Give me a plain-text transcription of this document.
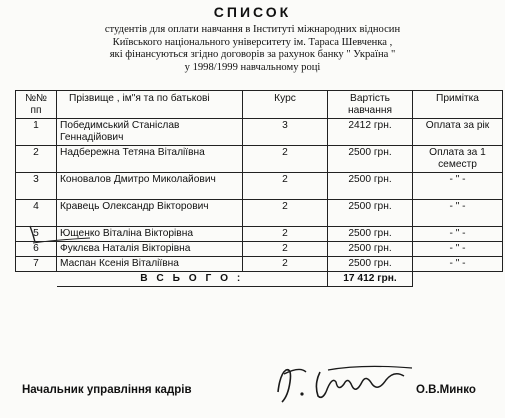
СПИСОК
студентів для оплати навчання в Інституті міжнародних відносин
Київського національного університету ім. Тараса Шевченка ,
які фінансуються згідно договорів за рахунок банку " Україна "
у 1998/1999 навчальному році
№№ пп	Прізвище , ім"я та по батькові	Курс	Вартість навчання	Примітка
1	Победимський Станіслав Геннадійович	3	2412 грн.	Оплата за рік
2	Надбережна Тетяна Віталіївна	2	2500 грн.	Оплата за 1 семестр
3	Коновалов Дмитро Миколайович	2	2500 грн.	- " -
4	Кравець Олександр Вікторович	2	2500 грн.	- " -
5	Ющенко Віталіна Вікторівна	2	2500 грн.	- " -
6	Фуклєва Наталія Вікторівна	2	2500 грн.	- " -
7	Маспан Ксенія Віталіївна	2	2500 грн.	- " -
	В С Ь О Г О :		17 412 грн.	
Начальник управління кадрів	О.В.Минко
